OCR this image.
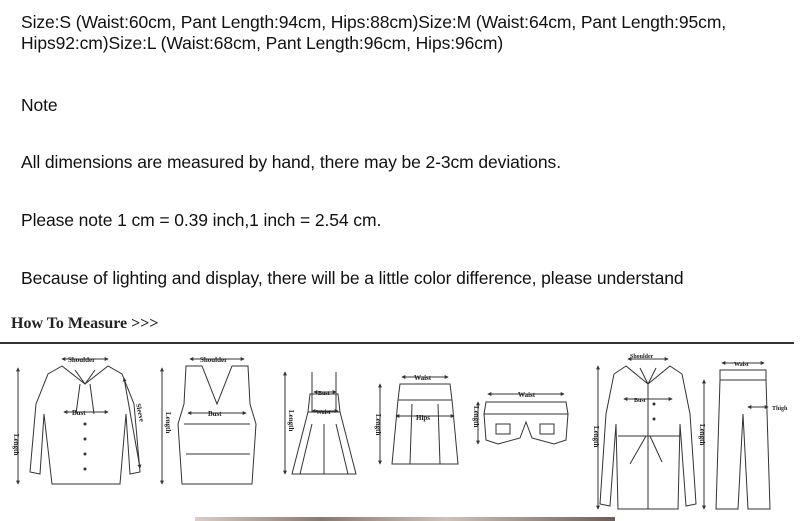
Size:S (Waist:60cm, Pant Length:94cm, Hips:88cm)Size:M (Waist:64cm, Pant Length:95cm, Hips92:cm)Size:L (Waist:68cm, Pant Length:96cm, Hips:96cm)

Note

All dimensions are measured by hand, there may be 2-3cm deviations.

Please note 1 cm = 0.39 inch,1 inch = 2.54 cm.

Because of lighting and display, there will be a little color difference, please understand

How To Measure >>>
Shoulder
Bust
Length
Sleeve
Shoulder
Bust
Length
Bust
Waist
Length
Waist
Hips
Length
Waist
Length
Shoulder
Bust
Length
Waist
Thigh
Length
